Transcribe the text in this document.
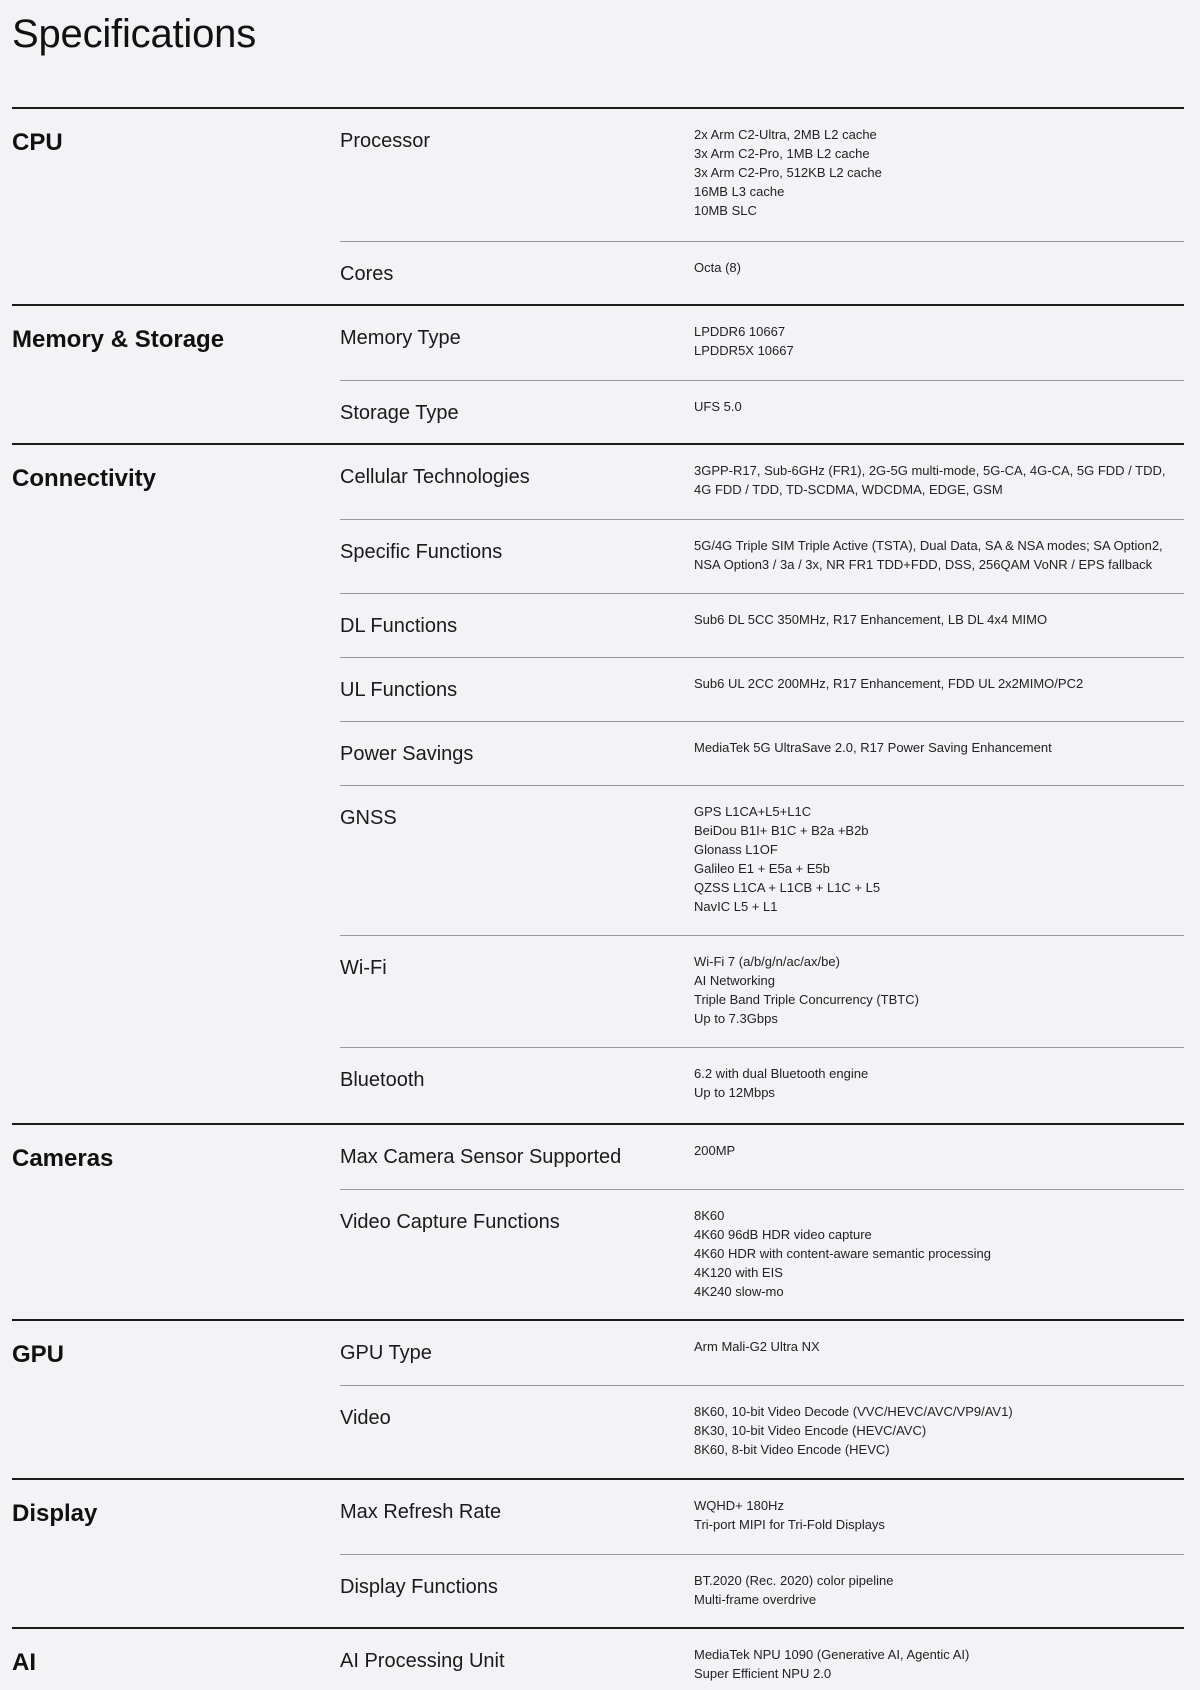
Specifications
CPU	Processor	2x Arm C2-Ultra, 2MB L2 cache
3x Arm C2-Pro, 1MB L2 cache
3x Arm C2-Pro, 512KB L2 cache
16MB L3 cache
10MB SLC
Cores	Octa (8)
Memory & Storage	Memory Type	LPDDR6 10667
LPDDR5X 10667
Storage Type	UFS 5.0
Connectivity	Cellular Technologies	3GPP-R17, Sub-6GHz (FR1), 2G-5G multi-mode, 5G-CA, 4G-CA, 5G FDD / TDD, 4G FDD / TDD, TD-SCDMA, WDCDMA, EDGE, GSM
Specific Functions	5G/4G Triple SIM Triple Active (TSTA), Dual Data, SA & NSA modes; SA Option2, NSA Option3 / 3a / 3x, NR FR1 TDD+FDD, DSS, 256QAM VoNR / EPS fallback
DL Functions	Sub6 DL 5CC 350MHz, R17 Enhancement, LB DL 4x4 MIMO
UL Functions	Sub6 UL 2CC 200MHz, R17 Enhancement, FDD UL 2x2MIMO/PC2
Power Savings	MediaTek 5G UltraSave 2.0, R17 Power Saving Enhancement
GNSS	GPS L1CA+L5+L1C
BeiDou B1I+ B1C + B2a +B2b
Glonass L1OF
Galileo E1 + E5a + E5b
QZSS L1CA + L1CB + L1C + L5
NavIC L5 + L1
Wi-Fi	Wi-Fi 7 (a/b/g/n/ac/ax/be)
AI Networking
Triple Band Triple Concurrency (TBTC)
Up to 7.3Gbps
Bluetooth	6.2 with dual Bluetooth engine
Up to 12Mbps
Cameras	Max Camera Sensor Supported	200MP
Video Capture Functions	8K60
4K60 96dB HDR video capture
4K60 HDR with content-aware semantic processing
4K120 with EIS
4K240 slow-mo
GPU	GPU Type	Arm Mali-G2 Ultra NX
Video	8K60, 10-bit Video Decode (VVC/HEVC/AVC/VP9/AV1)
8K30, 10-bit Video Encode (HEVC/AVC)
8K60, 8-bit Video Encode (HEVC)
Display	Max Refresh Rate	WQHD+ 180Hz
Tri-port MIPI for Tri-Fold Displays
Display Functions	BT.2020 (Rec. 2020) color pipeline
Multi-frame overdrive
AI	AI Processing Unit	MediaTek NPU 1090 (Generative AI, Agentic AI)
Super Efficient NPU 2.0
